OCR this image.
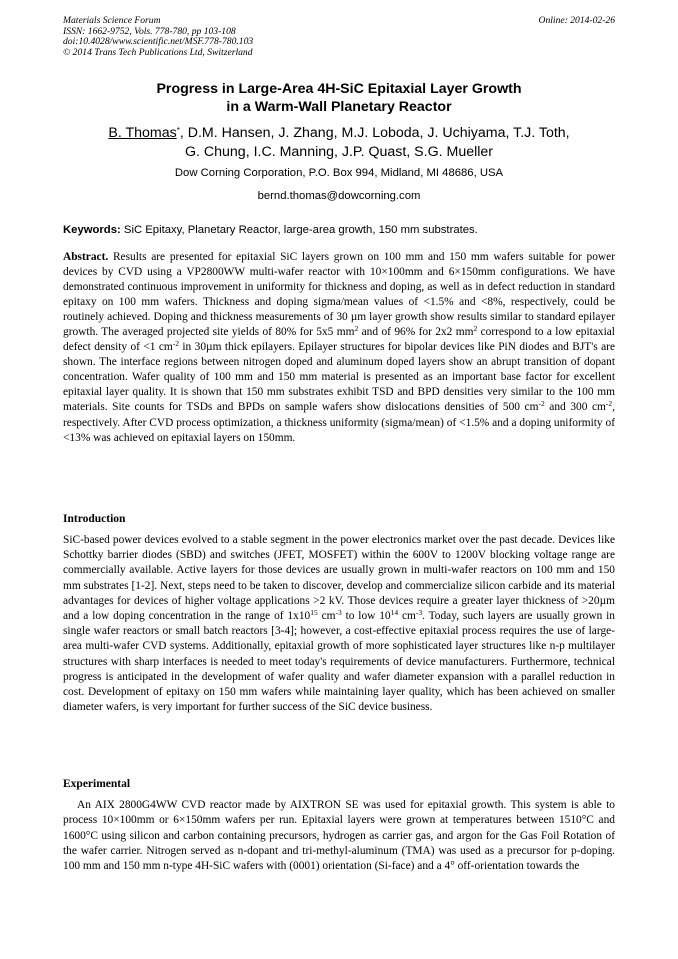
Materials Science Forum
ISSN: 1662-9752, Vols. 778-780, pp 103-108
doi:10.4028/www.scientific.net/MSF.778-780.103
© 2014 Trans Tech Publications Ltd, Switzerland
Online: 2014-02-26
Progress in Large-Area 4H-SiC Epitaxial Layer Growth
in a Warm-Wall Planetary Reactor
B. Thomas*, D.M. Hansen, J. Zhang, M.J. Loboda, J. Uchiyama, T.J. Toth,
G. Chung, I.C. Manning, J.P. Quast, S.G. Mueller
Dow Corning Corporation, P.O. Box 994, Midland, MI 48686, USA
bernd.thomas@dowcorning.com
Keywords: SiC Epitaxy, Planetary Reactor, large-area growth, 150 mm substrates.
Abstract. Results are presented for epitaxial SiC layers grown on 100 mm and 150 mm wafers suitable for power devices by CVD using a VP2800WW multi-wafer reactor with 10×100mm and 6×150mm configurations. We have demonstrated continuous improvement in uniformity for thickness and doping, as well as in defect reduction in standard epitaxy on 100 mm wafers. Thickness and doping sigma/mean values of <1.5% and <8%, respectively, could be routinely achieved. Doping and thickness measurements of 30 µm layer growth show results similar to standard epilayer growth. The averaged projected site yields of 80% for 5x5 $mm^2$ and of 96% for 2x2 $mm^2$ correspond to a low epitaxial defect density of <1 $cm^{-2}$ in 30µm thick epilayers. Epilayer structures for bipolar devices like PiN diodes and BJT's are shown. The interface regions between nitrogen doped and aluminum doped layers show an abrupt transition of dopant concentration. Wafer quality of 100 mm and 150 mm material is presented as an important base factor for excellent epitaxial layer quality. It is shown that 150 mm substrates exhibit TSD and BPD densities very similar to the 100 mm materials. Site counts for TSDs and BPDs on sample wafers show dislocations densities of 500 $cm^{-2}$ and 300 $cm^{-2}$, respectively. After CVD process optimization, a thickness uniformity (sigma/mean) of <1.5% and a doping uniformity of <13% was achieved on epitaxial layers on 150mm.
Introduction
SiC-based power devices evolved to a stable segment in the power electronics market over the past decade. Devices like Schottky barrier diodes (SBD) and switches (JFET, MOSFET) within the 600V to 1200V blocking voltage range are commercially available. Active layers for those devices are usually grown in multi-wafer reactors on 100 mm and 150 mm substrates [1-2]. Next, steps need to be taken to discover, develop and commercialize silicon carbide and its material advantages for devices of higher voltage applications >2 kV. Those devices require a greater layer thickness of >20µm and a low doping concentration in the range of $1x10^{15}$ $cm^{-3}$ to low $10^{14}$ $cm^{-3}$. Today, such layers are usually grown in single wafer reactors or small batch reactors [3-4]; however, a cost-effective epitaxial process requires the use of large-area multi-wafer CVD systems. Additionally, epitaxial growth of more sophisticated layer structures like n-p multilayer structures with sharp interfaces is needed to meet today's requirements of device manufacturers. Furthermore, technical progress is anticipated in the development of wafer quality and wafer diameter expansion with a parallel reduction in cost. Development of epitaxy on 150 mm wafers while maintaining layer quality, which has been achieved on smaller diameter wafers, is very important for further success of the SiC device business.
Experimental
An AIX 2800G4WW CVD reactor made by AIXTRON SE was used for epitaxial growth. This system is able to process 10×100mm or 6×150mm wafers per run. Epitaxial layers were grown at temperatures between 1510°C and 1600°C using silicon and carbon containing precursors, hydrogen as carrier gas, and argon for the Gas Foil Rotation of the wafer carrier. Nitrogen served as n-dopant and tri-methyl-aluminum (TMA) was used as a precursor for p-doping. 100 mm and 150 mm n-type 4H-SiC wafers with (0001) orientation (Si-face) and a 4° off-orientation towards the
